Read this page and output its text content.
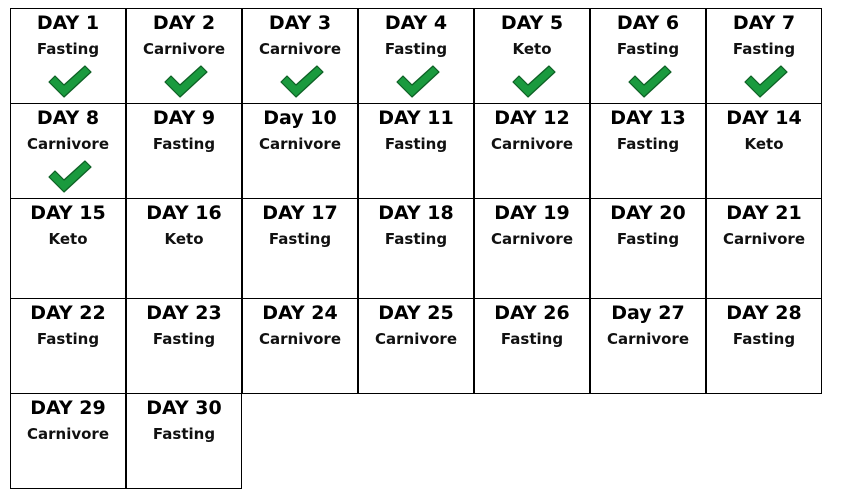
DAY 1
Fasting
DAY 2
Carnivore
DAY 3
Carnivore
DAY 4
Fasting
DAY 5
Keto
DAY 6
Fasting
DAY 7
Fasting
DAY 8
Carnivore
DAY 9
Fasting
Day 10
Carnivore
DAY 11
Fasting
DAY 12
Carnivore
DAY 13
Fasting
DAY 14
Keto
DAY 15
Keto
DAY 16
Keto
DAY 17
Fasting
DAY 18
Fasting
DAY 19
Carnivore
DAY 20
Fasting
DAY 21
Carnivore
DAY 22
Fasting
DAY 23
Fasting
DAY 24
Carnivore
DAY 25
Carnivore
DAY 26
Fasting
Day 27
Carnivore
DAY 28
Fasting
DAY 29
Carnivore
DAY 30
Fasting
